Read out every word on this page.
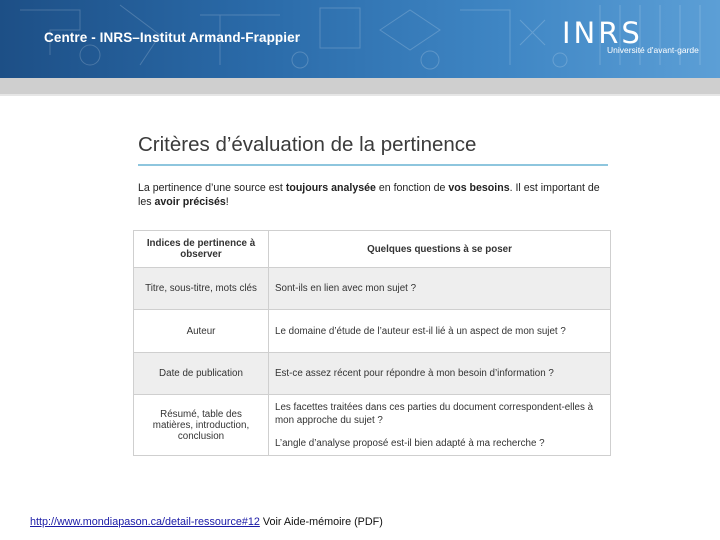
Centre - INRS–Institut Armand-Frappier	INRS
Université d'avant-garde
Critères d’évaluation de la pertinence
La pertinence d’une source est toujours analysée en fonction de vos besoins. Il est important de les avoir précisés!
Indices de pertinence à observer	Quelques questions à se poser
Titre, sous-titre, mots clés	Sont-ils en lien avec mon sujet ?
Auteur	Le domaine d’étude de l’auteur est-il lié à un aspect de mon sujet ?
Date de publication	Est-ce assez récent pour répondre à mon besoin d’information ?
Résumé, table des matières, introduction, conclusion	Les facettes traitées dans ces parties du document correspondent-elles à mon approche du sujet ?
L’angle d’analyse proposé est-il bien adapté à ma recherche ?
http://www.mondiapason.ca/detail-ressource#12 Voir Aide-mémoire (PDF)
